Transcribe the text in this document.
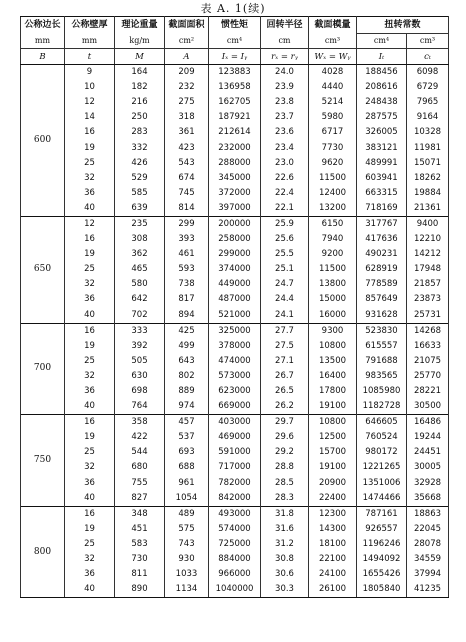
表 A. 1(续)
公称边长	公称壁厚	理论重量	截面面积	惯性矩	回转半径	截面模量	扭转常数	
mm	mm	kg/m	cm²	cm⁴	cm	cm³	cm⁴	cm³
B	t	M	A	Iₓ = Iᵧ	rₓ = rᵧ	Wₓ = Wᵧ	Iₜ	cₜ
600	9	164	209	123883	24.0	4028	188456	6098
	10	182	232	136958	23.9	4440	208616	6729
	12	216	275	162705	23.8	5214	248438	7965
	14	250	318	187921	23.7	5980	287575	9164
	16	283	361	212614	23.6	6717	326005	10328
	19	332	423	232000	23.4	7730	383121	11981
	25	426	543	288000	23.0	9620	489991	15071
	32	529	674	345000	22.6	11500	603941	18262
	36	585	745	372000	22.4	12400	663315	19884
	40	639	814	397000	22.1	13200	718169	21361
650	12	235	299	200000	25.9	6150	317767	9400
	16	308	393	258000	25.6	7940	417636	12210
	19	362	461	299000	25.5	9200	490231	14212
	25	465	593	374000	25.1	11500	628919	17948
	32	580	738	449000	24.7	13800	778589	21857
	36	642	817	487000	24.4	15000	857649	23873
	40	702	894	521000	24.1	16000	931628	25731
700	16	333	425	325000	27.7	9300	523830	14268
	19	392	499	378000	27.5	10800	615557	16633
	25	505	643	474000	27.1	13500	791688	21075
	32	630	802	573000	26.7	16400	983565	25770
	36	698	889	623000	26.5	17800	1085980	28221
	40	764	974	669000	26.2	19100	1182728	30500
750	16	358	457	403000	29.7	10800	646605	16486
	19	422	537	469000	29.6	12500	760524	19244
	25	544	693	591000	29.2	15700	980172	24451
	32	680	688	717000	28.8	19100	1221265	30005
	36	755	961	782000	28.5	20900	1351006	32928
	40	827	1054	842000	28.3	22400	1474466	35668
800	16	348	489	493000	31.8	12300	787161	18863
	19	451	575	574000	31.6	14300	926557	22045
	25	583	743	725000	31.2	18100	1196246	28078
	32	730	930	884000	30.8	22100	1494092	34559
	36	811	1033	966000	30.6	24100	1655426	37994
	40	890	1134	1040000	30.3	26100	1805840	41235
